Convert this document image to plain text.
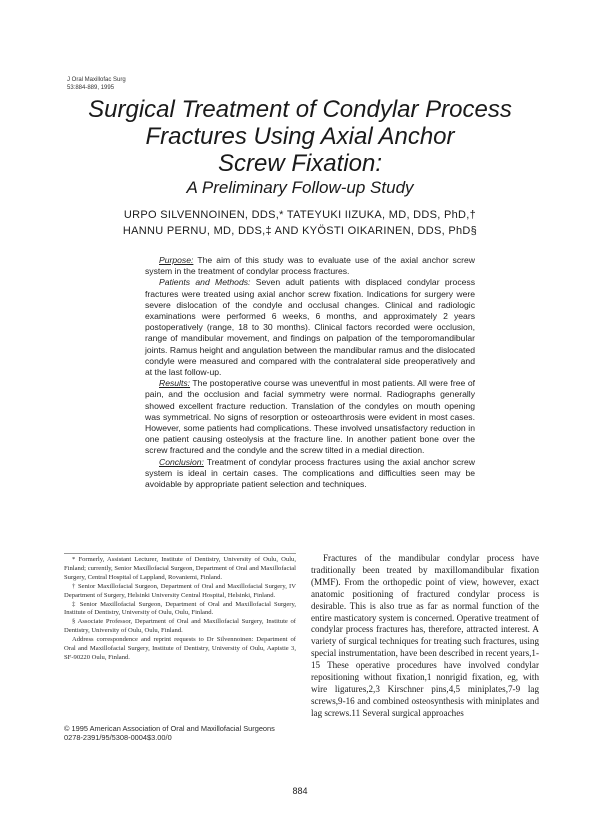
J Oral Maxillofac Surg
53:884-889, 1995
Surgical Treatment of Condylar Process
Fractures Using Axial Anchor
Screw Fixation:
A Preliminary Follow-up Study
URPO SILVENNOINEN, DDS,* TATEYUKI IIZUKA, MD, DDS, PhD,†
HANNU PERNU, MD, DDS,‡ AND KYÖSTI OIKARINEN, DDS, PhD§

Purpose: The aim of this study was to evaluate use of the axial anchor screw system in the treatment of condylar process fractures.

Patients and Methods: Seven adult patients with displaced condylar process fractures were treated using axial anchor screw fixation. Indications for surgery were severe dislocation of the condyle and occlusal changes. Clinical and radiologic examinations were performed 6 weeks, 6 months, and approximately 2 years postoperatively (range, 18 to 30 months). Clinical factors recorded were occlusion, range of mandibular movement, and findings on palpation of the temporomandibular joints. Ramus height and angulation between the mandibular ramus and the dislocated condyle were measured and compared with the contralateral side preoperatively and at the last follow-up.

Results: The postoperative course was uneventful in most patients. All were free of pain, and the occlusion and facial symmetry were normal. Radiographs generally showed excellent fracture reduction. Translation of the condyles on mouth opening was symmetrical. No signs of resorption or osteoarthrosis were evident in most cases. However, some patients had complications. These involved unsatisfactory reduction in one patient causing osteolysis at the fracture line. In another patient bone over the screw fractured and the condyle and the screw tilted in a medial direction.

Conclusion: Treatment of condylar process fractures using the axial anchor screw system is ideal in certain cases. The complications and difficulties seen may be avoidable by appropriate patient selection and techniques.

* Formerly, Assistant Lecturer, Institute of Dentistry, University of Oulu, Oulu, Finland; currently, Senior Maxillofacial Surgeon, Department of Oral and Maxillofacial Surgery, Central Hospital of Lappland, Rovaniemi, Finland.

† Senior Maxillofacial Surgeon, Department of Oral and Maxillofacial Surgery, IV Department of Surgery, Helsinki University Central Hospital, Helsinki, Finland.

‡ Senior Maxillofacial Surgeon, Department of Oral and Maxillofacial Surgery, Institute of Dentistry, University of Oulu, Oulu, Finland.

§ Associate Professor, Department of Oral and Maxillofacial Surgery, Institute of Dentistry, University of Oulu, Oulu, Finland.

Address correspondence and reprint requests to Dr Silvennoinen: Department of Oral and Maxillofacial Surgery, Institute of Dentistry, University of Oulu, Aapistie 3, SF-90220 Oulu, Finland.

© 1995 American Association of Oral and Maxillofacial Surgeons
0278-2391/95/5308-0004$3.00/0

Fractures of the mandibular condylar process have traditionally been treated by maxillomandibular fixation (MMF). From the orthopedic point of view, however, exact anatomic positioning of fractured condylar process is desirable. This is also true as far as normal function of the entire masticatory system is concerned. Operative treatment of condylar process fractures has, therefore, attracted interest. A variety of surgical techniques for treating such fractures, using special instrumentation, have been described in recent years,1-15 These operative procedures have involved condylar repositioning without fixation,1 nonrigid fixation, eg, with wire ligatures,2,3 Kirschner pins,4,5 miniplates,7-9 lag screws,9-16 and combined osteosynthesis with miniplates and lag screws.11 Several surgical approaches

884
